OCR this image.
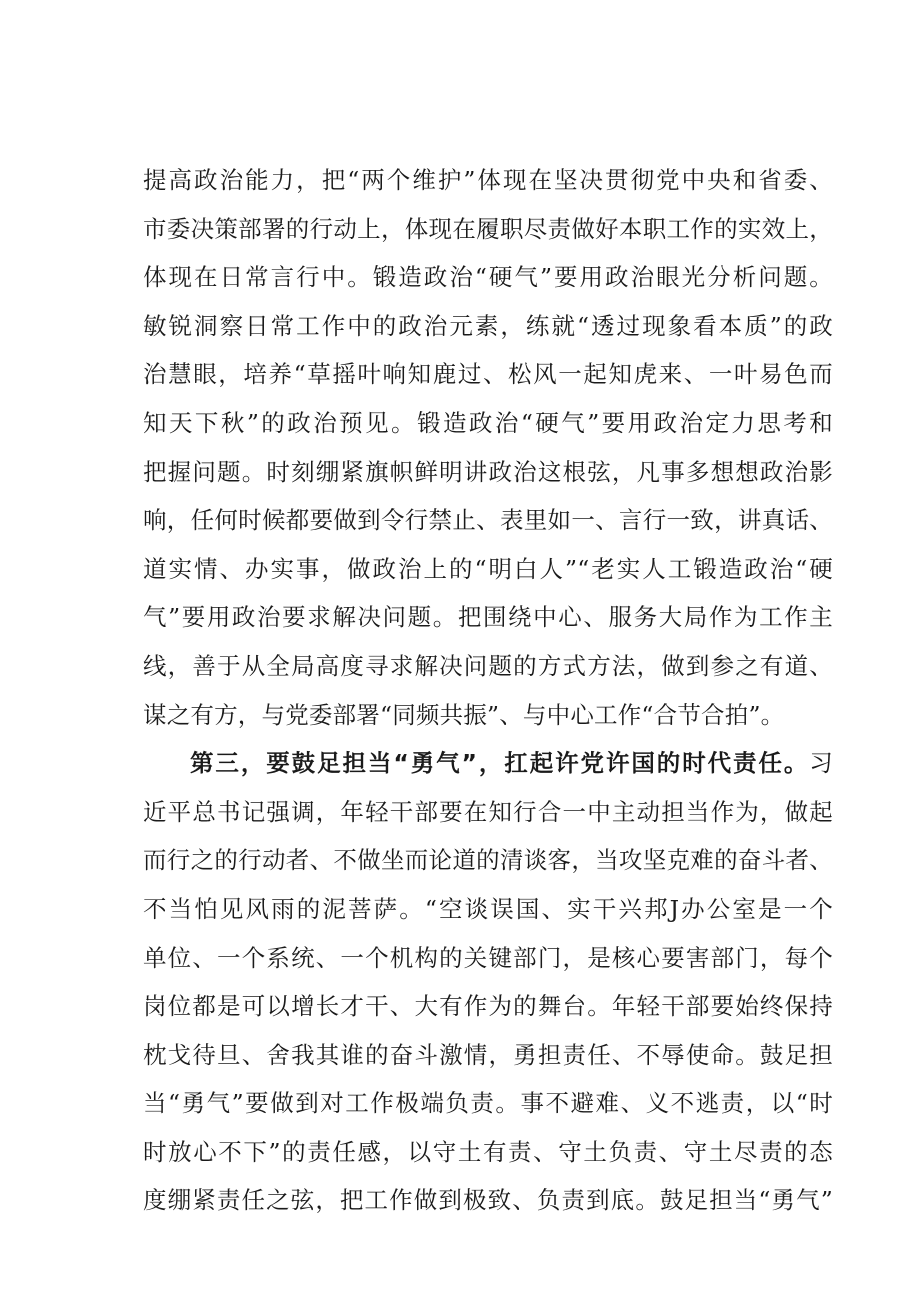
提高政治能力，把“两个维护”体现在坚决贯彻党中央和省委、
市委决策部署的行动上，体现在履职尽责做好本职工作的实效上，
体现在日常言行中。锻造政治“硬气”要用政治眼光分析问题。
敏锐洞察日常工作中的政治元素，练就“透过现象看本质”的政
治慧眼，培养“草摇叶响知鹿过、松风一起知虎来、一叶易色而
知天下秋”的政治预见。锻造政治“硬气”要用政治定力思考和
把握问题。时刻绷紧旗帜鲜明讲政治这根弦，凡事多想想政治影
响，任何时候都要做到令行禁止、表里如一、言行一致，讲真话、
道实情、办实事，做政治上的“明白人”“老实人工锻造政治“硬
气”要用政治要求解决问题。把围绕中心、服务大局作为工作主
线，善于从全局高度寻求解决问题的方式方法，做到参之有道、
谋之有方，与党委部署“同频共振”、与中心工作“合节合拍”。
第三，要鼓足担当“勇气”，扛起许党许国的时代责任。习
近平总书记强调，年轻干部要在知行合一中主动担当作为，做起
而行之的行动者、不做坐而论道的清谈客，当攻坚克难的奋斗者、
不当怕见风雨的泥菩萨。“空谈误国、实干兴邦J办公室是一个
单位、一个系统、一个机构的关键部门，是核心要害部门，每个
岗位都是可以增长才干、大有作为的舞台。年轻干部要始终保持
枕戈待旦、舍我其谁的奋斗激情，勇担责任、不辱使命。鼓足担
当“勇气”要做到对工作极端负责。事不避难、义不逃责，以“时
时放心不下”的责任感，以守土有责、守土负责、守土尽责的态
度绷紧责任之弦，把工作做到极致、负责到底。鼓足担当“勇气”
